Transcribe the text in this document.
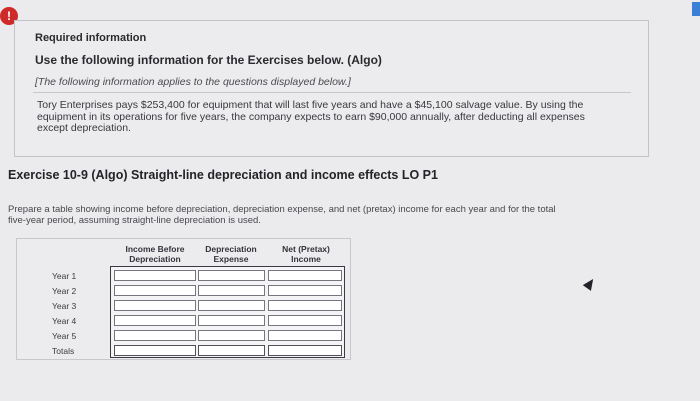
!
Required information
Use the following information for the Exercises below. (Algo)
[The following information applies to the questions displayed below.]
Tory Enterprises pays $253,400 for equipment that will last five years and have a $45,100 salvage value. By using the
equipment in its operations for five years, the company expects to earn $90,000 annually, after deducting all expenses
except depreciation.
Exercise 10-9 (Algo) Straight-line depreciation and income effects LO P1
Prepare a table showing income before depreciation, depreciation expense, and net (pretax) income for each year and for the total
five-year period, assuming straight-line depreciation is used.
Income Before
Depreciation
Depreciation
Expense
Net (Pretax)
Income
Year 1
Year 2
Year 3
Year 4
Year 5
Totals
